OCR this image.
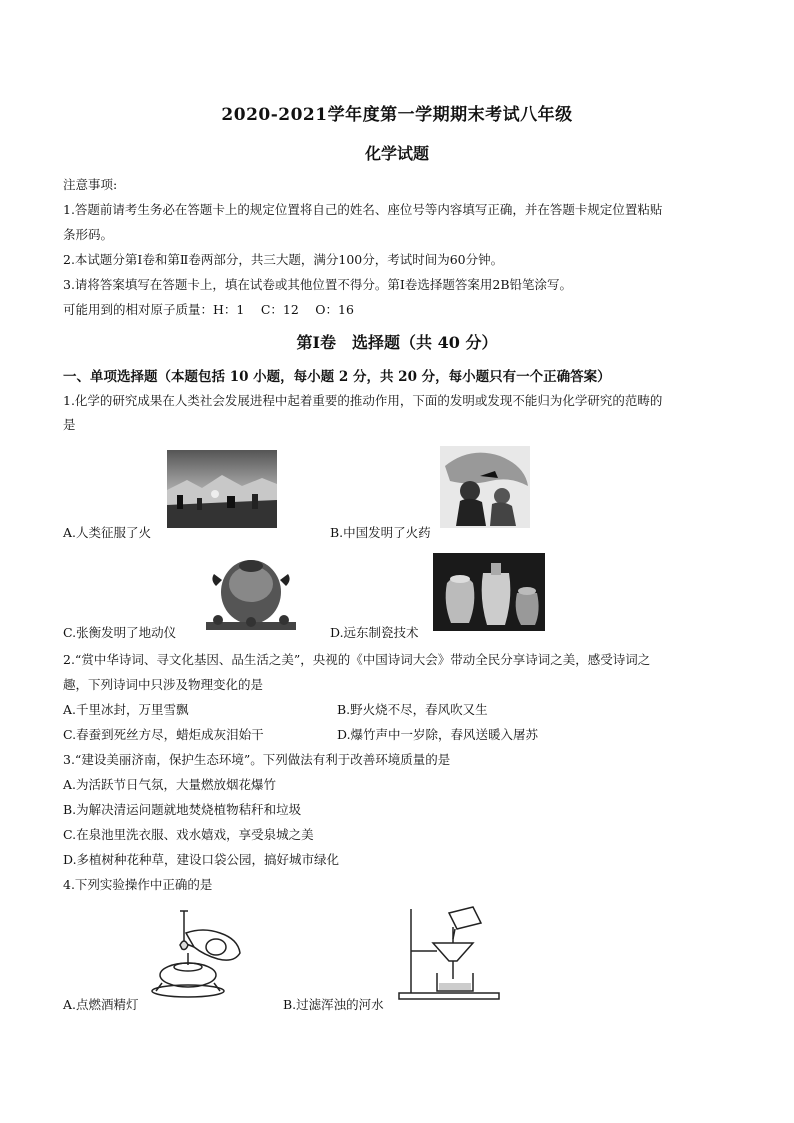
2020-2021学年度第一学期期末考试八年级
化学试题
注意事项:
1.答题前请考生务必在答题卡上的规定位置将自己的姓名、座位号等内容填写正确，并在答题卡规定位置粘贴
条形码。
2.本试题分第Ⅰ卷和第Ⅱ卷两部分，共三大题，满分100分，考试时间为60分钟。
3.请将答案填写在答题卡上，填在试卷或其他位置不得分。第Ⅰ卷选择题答案用2B铅笔涂写。
可能用到的相对原子质量：H：1　 C：12 　O：16
第Ⅰ卷　选择题（共 40 分）
一、单项选择题（本题包括 10 小题，每小题 2 分，共 20 分，每小题只有一个正确答案）
1.化学的研究成果在人类社会发展进程中起着重要的推动作用，下面的发明或发现不能归为化学研究的范畴的
是
A.人类征服了火	B.中国发明了火药
C.张衡发明了地动仪	D.远东制瓷技术
2.“赏中华诗词、寻文化基因、品生活之美”，央视的《中国诗词大会》带动全民分享诗词之美，感受诗词之
趣，下列诗词中只涉及物理变化的是
A.千里冰封，万里雪飘	B.野火烧不尽，春风吹又生
C.春蚕到死丝方尽，蜡炬成灰泪始干	D.爆竹声中一岁除，春风送暖入屠苏
3.“建设美丽济南，保护生态环境”。下列做法有利于改善环境质量的是
A.为活跃节日气氛，大量燃放烟花爆竹
B.为解决清运问题就地焚烧植物秸秆和垃圾
C.在泉池里洗衣服、戏水嬉戏，享受泉城之美
D.多植树种花种草，建设口袋公园，搞好城市绿化
4.下列实验操作中正确的是
A.点燃酒精灯	B.过滤浑浊的河水
